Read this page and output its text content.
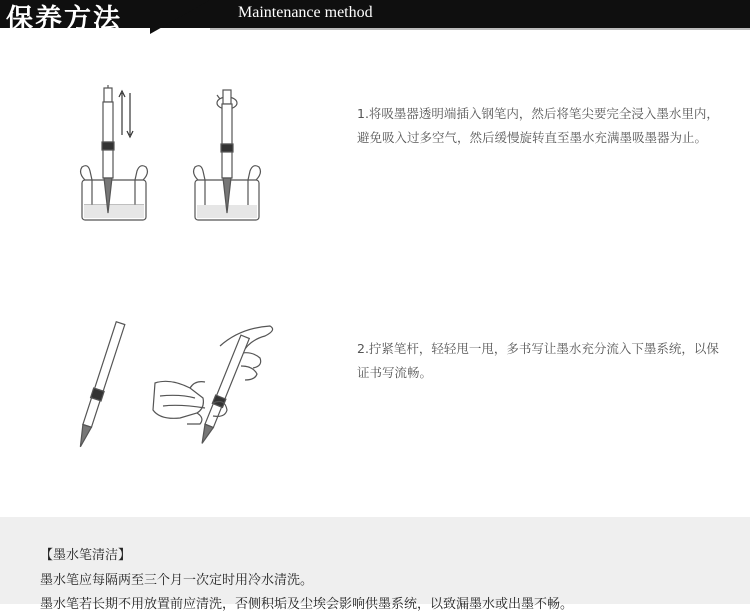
保养方法	Maintenance method
1.将吸墨器透明端插入钢笔内，然后将笔尖要完全浸入墨水里内，避免吸入过多空气，然后缓慢旋转直至墨水充满墨吸墨器为止。
2.拧紧笔杆，轻轻甩一甩，多书写让墨水充分流入下墨系统，以保证书写流畅。
【墨水笔清洁】
墨水笔应每隔两至三个月一次定时用冷水清洗。
墨水笔若长期不用放置前应清洗，否侧积垢及尘埃会影响供墨系统，以致漏墨水或出墨不畅。
